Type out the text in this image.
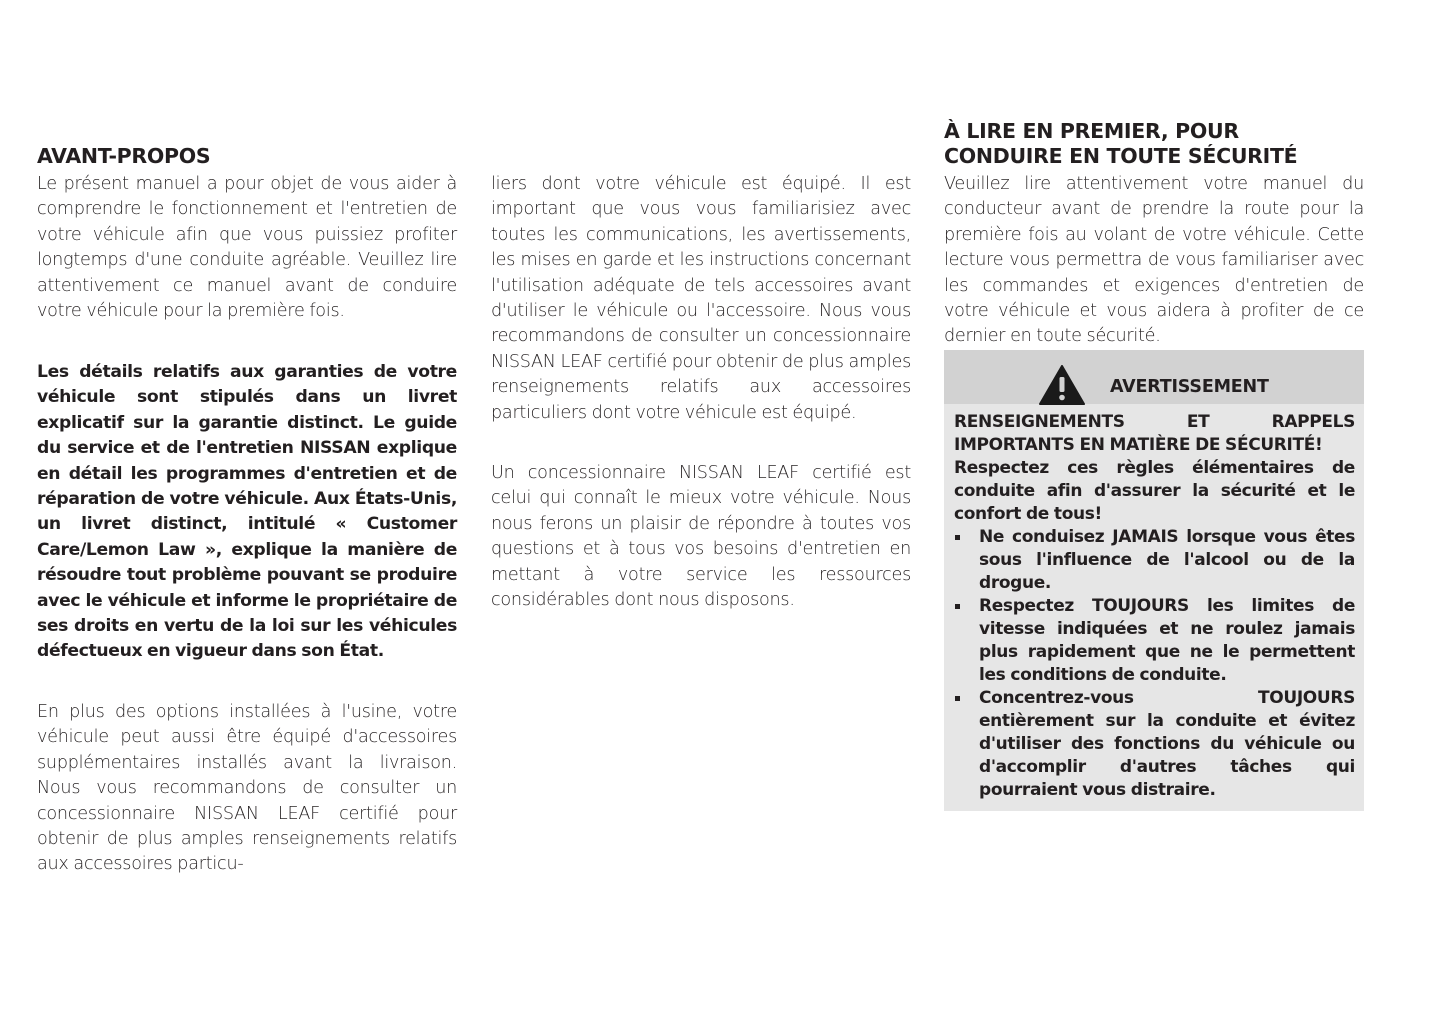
AVANT-PROPOS

Le présent manuel a pour objet de vous aider à comprendre le fonctionnement et l'entretien de votre véhicule afin que vous puissiez profiter longtemps d'une conduite agréable. Veuillez lire attentivement ce manuel avant de conduire votre véhicule pour la première fois.

Les détails relatifs aux garanties de votre véhicule sont stipulés dans un livret explicatif sur la garantie distinct. Le guide du service et de l'entretien NISSAN explique en détail les programmes d'entretien et de réparation de votre véhicule. Aux États-Unis, un livret distinct, intitulé « Customer Care/Lemon Law », explique la manière de résoudre tout problème pouvant se produire avec le véhicule et informe le propriétaire de ses droits en vertu de la loi sur les véhicules défectueux en vigueur dans son État.

En plus des options installées à l'usine, votre véhicule peut aussi être équipé d'accessoires supplémentaires installés avant la livraison. Nous vous recommandons de consulter un concessionnaire NISSAN LEAF certifié pour obtenir de plus amples renseignements relatifs aux accessoires particu-

liers dont votre véhicule est équipé. Il est important que vous vous familiarisiez avec toutes les communications, les avertissements, les mises en garde et les instructions concernant l'utilisation adéquate de tels accessoires avant d'utiliser le véhicule ou l'accessoire. Nous vous recommandons de consulter un concessionnaire NISSAN LEAF certifié pour obtenir de plus amples renseignements relatifs aux accessoires particuliers dont votre véhicule est équipé.

Un concessionnaire NISSAN LEAF certifié est celui qui connaît le mieux votre véhicule. Nous nous ferons un plaisir de répondre à toutes vos questions et à tous vos besoins d'entretien en mettant à votre service les ressources considérables dont nous disposons.

À LIRE EN PREMIER, POUR
CONDUIRE EN TOUTE SÉCURITÉ

Veuillez lire attentivement votre manuel du conducteur avant de prendre la route pour la première fois au volant de votre véhicule. Cette lecture vous permettra de vous familiariser avec les commandes et exigences d'entretien de votre véhicule et vous aidera à profiter de ce dernier en toute sécurité.

AVERTISSEMENT

RENSEIGNEMENTS ET RAPPELS IMPORTANTS EN MATIÈRE DE SÉCURITÉ!

Respectez ces règles élémentaires de conduite afin d'assurer la sécurité et le confort de tous!

Ne conduisez JAMAIS lorsque vous êtes sous l'influence de l'alcool ou de la drogue.
Respectez TOUJOURS les limites de vitesse indiquées et ne roulez jamais plus rapidement que ne le permettent les conditions de conduite.
Concentrez-vous TOUJOURS entièrement sur la conduite et évitez d'utiliser des fonctions du véhicule ou d'accomplir d'autres tâches qui pourraient vous distraire.
